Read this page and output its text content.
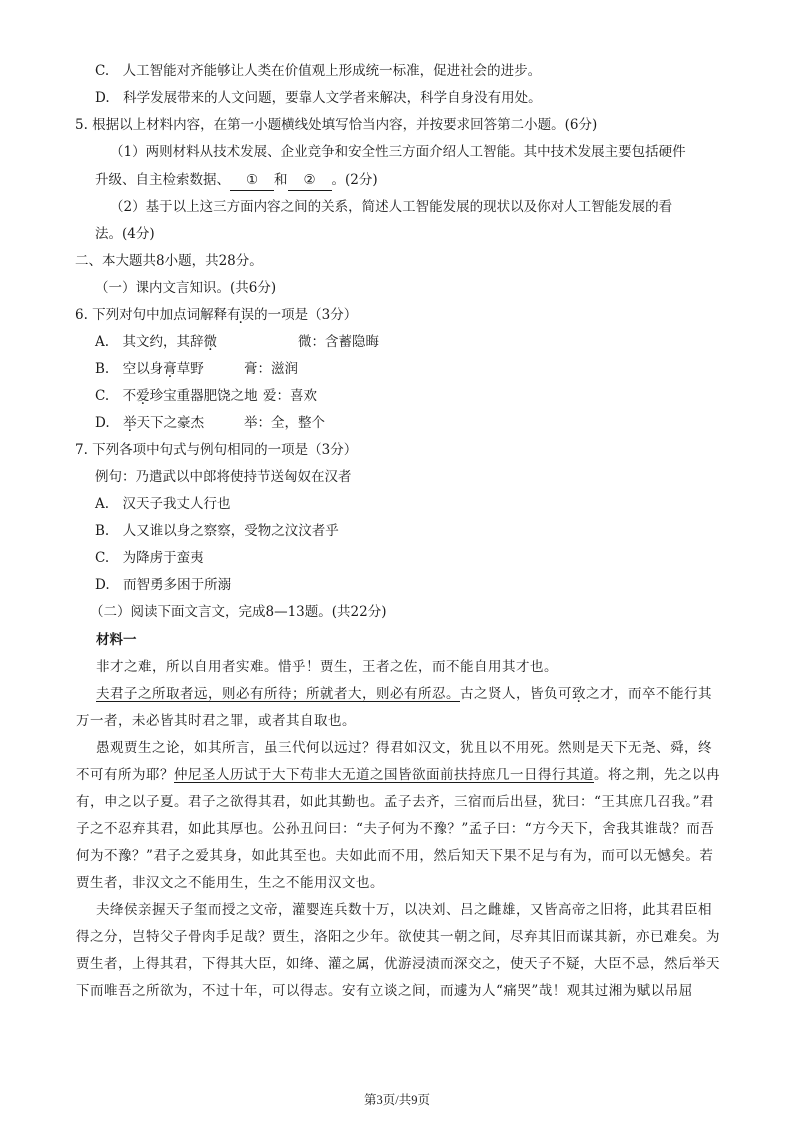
C.　人工智能对齐能够让人类在价值观上形成统一标准，促进社会的进步。
D.　科学发展带来的人文问题，要靠人文学者来解决，科学自身没有用处。
5. 根据以上材料内容，在第一小题横线处填写恰当内容，并按要求回答第二小题。(6分)
（1）两则材料从技术发展、企业竞争和安全性三方面介绍人工智能。其中技术发展主要包括硬件
升级、自主检索数据、 ① 和 ② 。(2分)
（2）基于以上这三方面内容之间的关系，简述人工智能发展的现状以及你对人工智能发展的看
法。(4分)
二、本大题共8小题，共28分。
（一）课内文言知识。(共6分)
6. 下列对句中加点词解释有误的一项是（3分）
A.　其文约，其辞微	微：含蓄隐晦
B.　空以身膏草野	膏：滋润
C.　不爱珍宝重器肥饶之地 爱：喜欢
D.　举天下之豪杰	举：全，整个
7. 下列各项中句式与例句相同的一项是（3分）
例句：乃遣武以中郎将使持节送匈奴在汉者
A.　汉天子我丈人行也
B.　人又谁以身之察察，受物之汶汶者乎
C.　为降虏于蛮夷
D.　而智勇多困于所溺
（二）阅读下面文言文，完成8—13题。(共22分)
材料一
非才之难，所以自用者实难。惜乎！贾生，王者之佐，而不能自用其才也。
夫君子之所取者远，则必有所待；所就者大，则必有所忍。古之贤人，皆负可致之才，而卒不能行其
万一者，未必皆其时君之罪，或者其自取也。
愚观贾生之论，如其所言，虽三代何以远过？得君如汉文，犹且以不用死。然则是天下无尧、舜，终
不可有所为耶？仲尼圣人历试于大下苟非大无道之国皆欲面前扶持庶几一日得行其道。将之荆，先之以冉
有，申之以子夏。君子之欲得其君，如此其勤也。孟子去齐，三宿而后出昼，犹曰：“王其庶几召我。”君
子之不忍弃其君，如此其厚也。公孙丑问曰：“夫子何为不豫？”孟子曰：“方今天下，舍我其谁哉？而吾
何为不豫？”君子之爱其身，如此其至也。夫如此而不用，然后知天下果不足与有为，而可以无憾矣。若
贾生者，非汉文之不能用生，生之不能用汉文也。
夫绛侯亲握天子玺而授之文帝，灌婴连兵数十万，以决刘、吕之雌雄，又皆高帝之旧将，此其君臣相
得之分，岂特父子骨肉手足哉？贾生，洛阳之少年。欲使其一朝之间，尽弃其旧而谋其新，亦已难矣。为
贾生者，上得其君，下得其大臣，如绛、灌之属，优游浸渍而深交之，使天子不疑，大臣不忌，然后举天
下而唯吾之所欲为，不过十年，可以得志。安有立谈之间，而遽为人“痛哭”哉！观其过湘为赋以吊屈
第3页/共9页
